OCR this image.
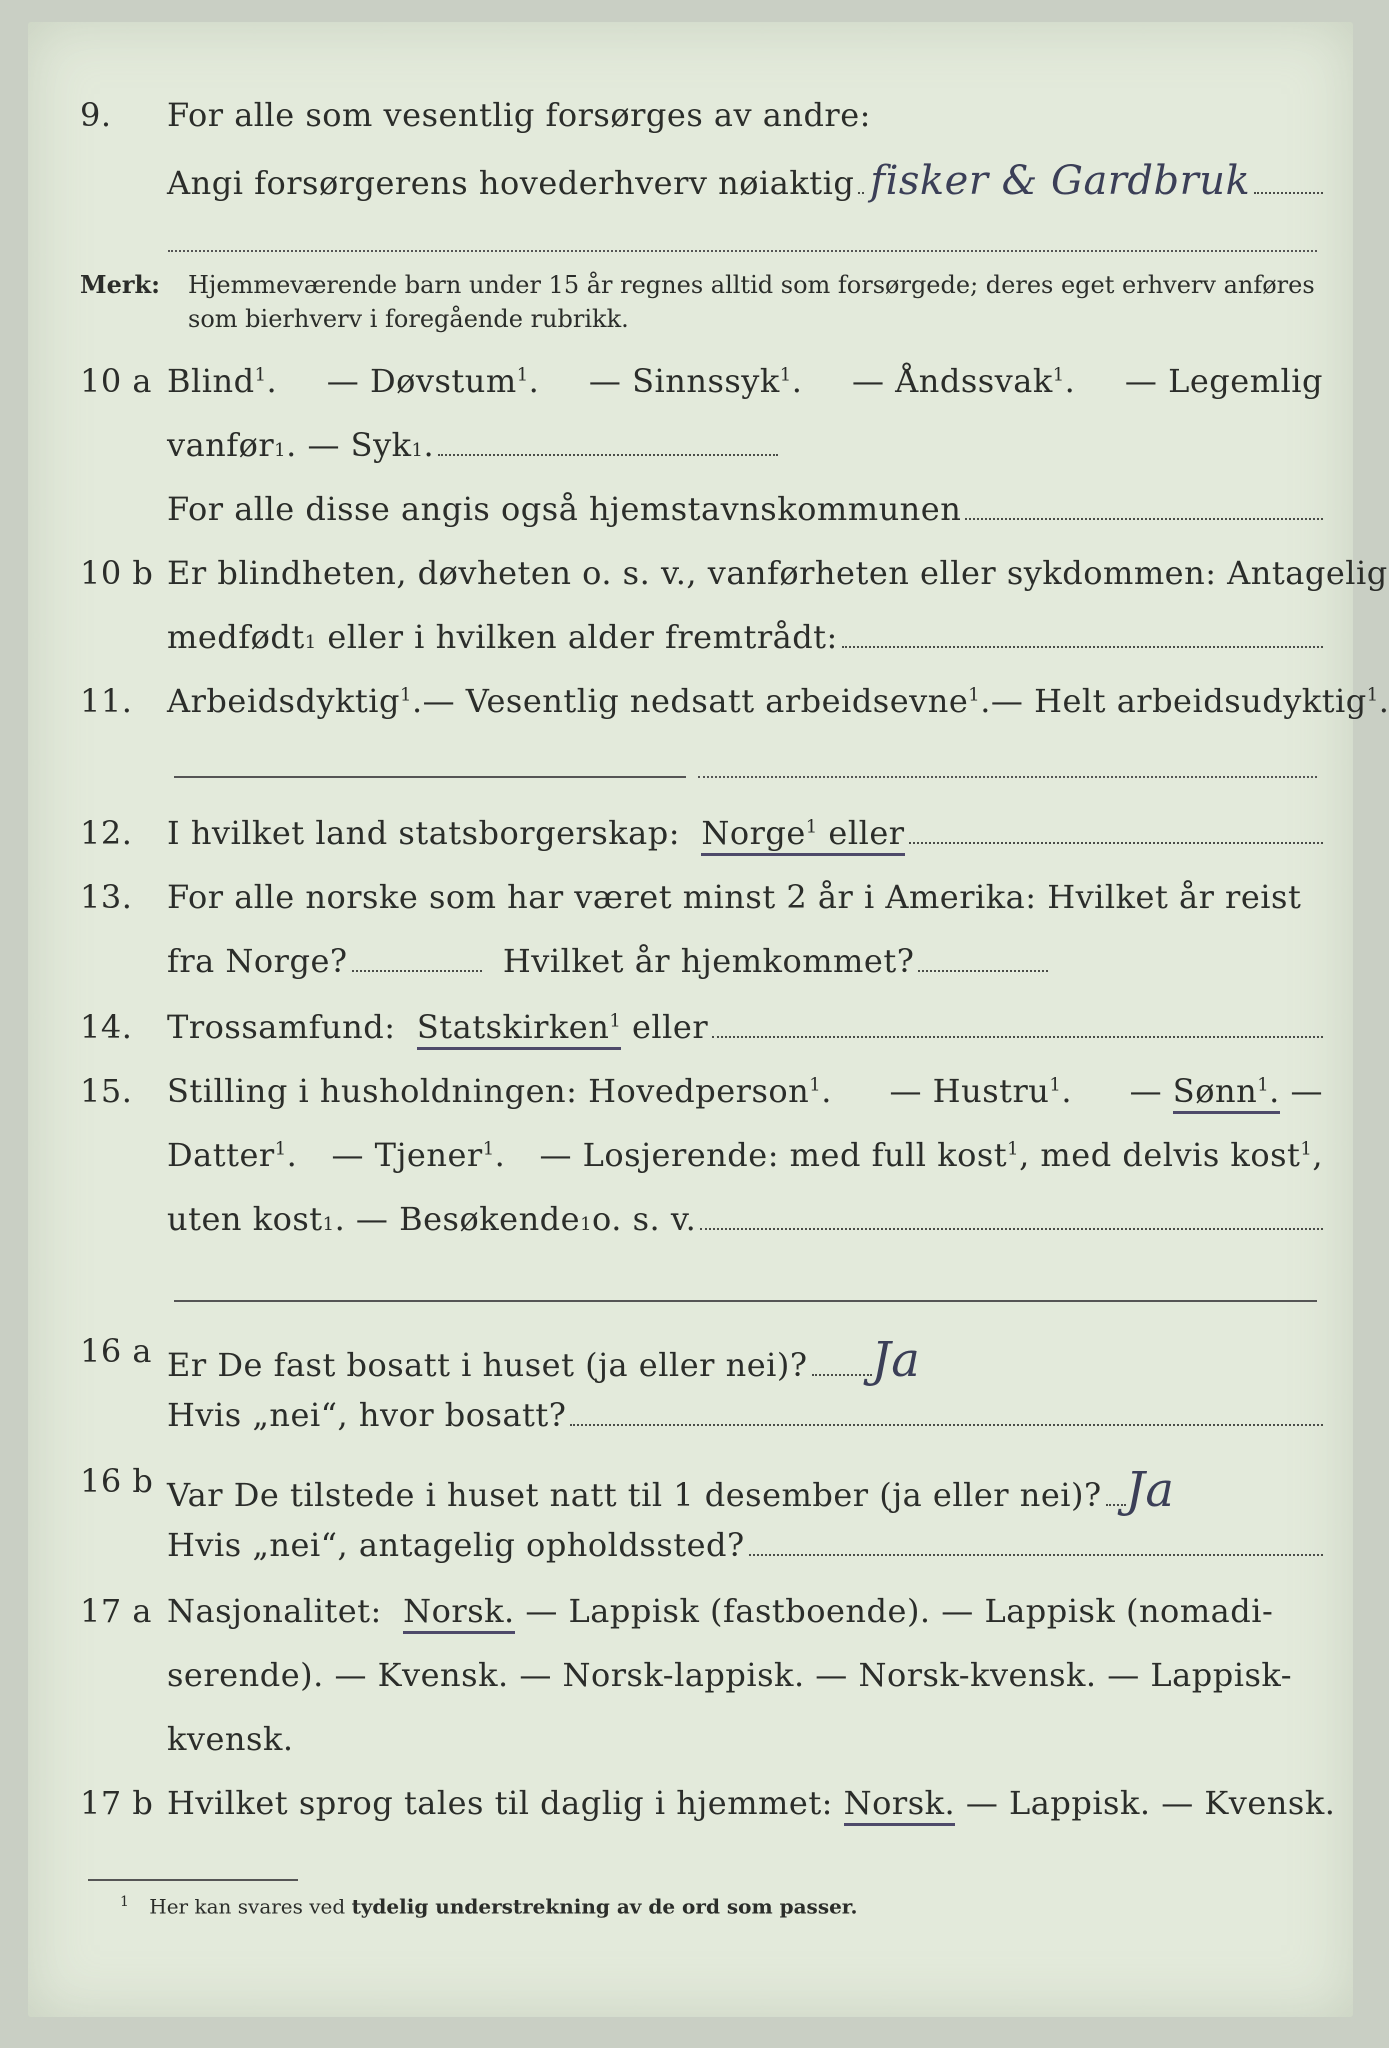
9.	For alle som vesentlig forsørges av andre:
Angi forsørgerens hovederhverv nøiaktig fisker & Gardbruk
Merk: Hjemmeværende barn under 15 år regnes alltid som forsørgede; deres eget erhverv anføres som bierhverv i foregående rubrikk.
10 a Blind$^1$. — Døvstum$^1$. — Sinnssyk$^1$. — Åndssvak$^1$. — Legemlig
vanfør 1 . — Syk 1 .
For alle disse angis også hjemstavnskommunen
10 b Er blindheten, døvheten o. s. v., vanførheten eller sykdommen: Antagelig
medfødt 1
eller i hvilken alder fremtrådt:
11.	Arbeidsdyktig$^1$. — Vesentlig nedsatt arbeidsevne$^1$. — Helt arbeidsudyktig$^1$.
12.	I hvilket land statsborgerskap:
Norge$^1$ eller
13.	For alle norske som har været minst 2 år i Amerika: Hvilket år reist
fra Norge?
	Hvilket år hjemkommet?
14.	Trossamfund:
Statskirken$^1$
eller
15.	Stilling i husholdningen: Hovedperson$^1$. — Hustru$^1$. — Sønn$^1$. —
Datter$^1$. — Tjener$^1$. — Losjerende: med full kost$^1$, med delvis kost$^1$,
uten kost 1 . — Besøkende 1 o. s. v.
16 a Er De fast bosatt i huset (ja eller nei)? Ja
Hvis „nei“, hvor bosatt?
16 b Var De tilstede i huset natt til 1 desember (ja eller nei)? Ja
Hvis „nei“, antagelig opholdssted?
17 a Nasjonalitet:
Norsk.
— Lappisk (fastboende). — Lappisk (nomadi-
serende). — Kvensk. — Norsk-lappisk. — Norsk-kvensk. — Lappisk-
kvensk.
17 b Hvilket sprog tales til daglig i hjemmet:
Norsk.
— Lappisk. — Kvensk.
$^1$ Her kan svares ved tydelig understrekning av de ord som passer.
